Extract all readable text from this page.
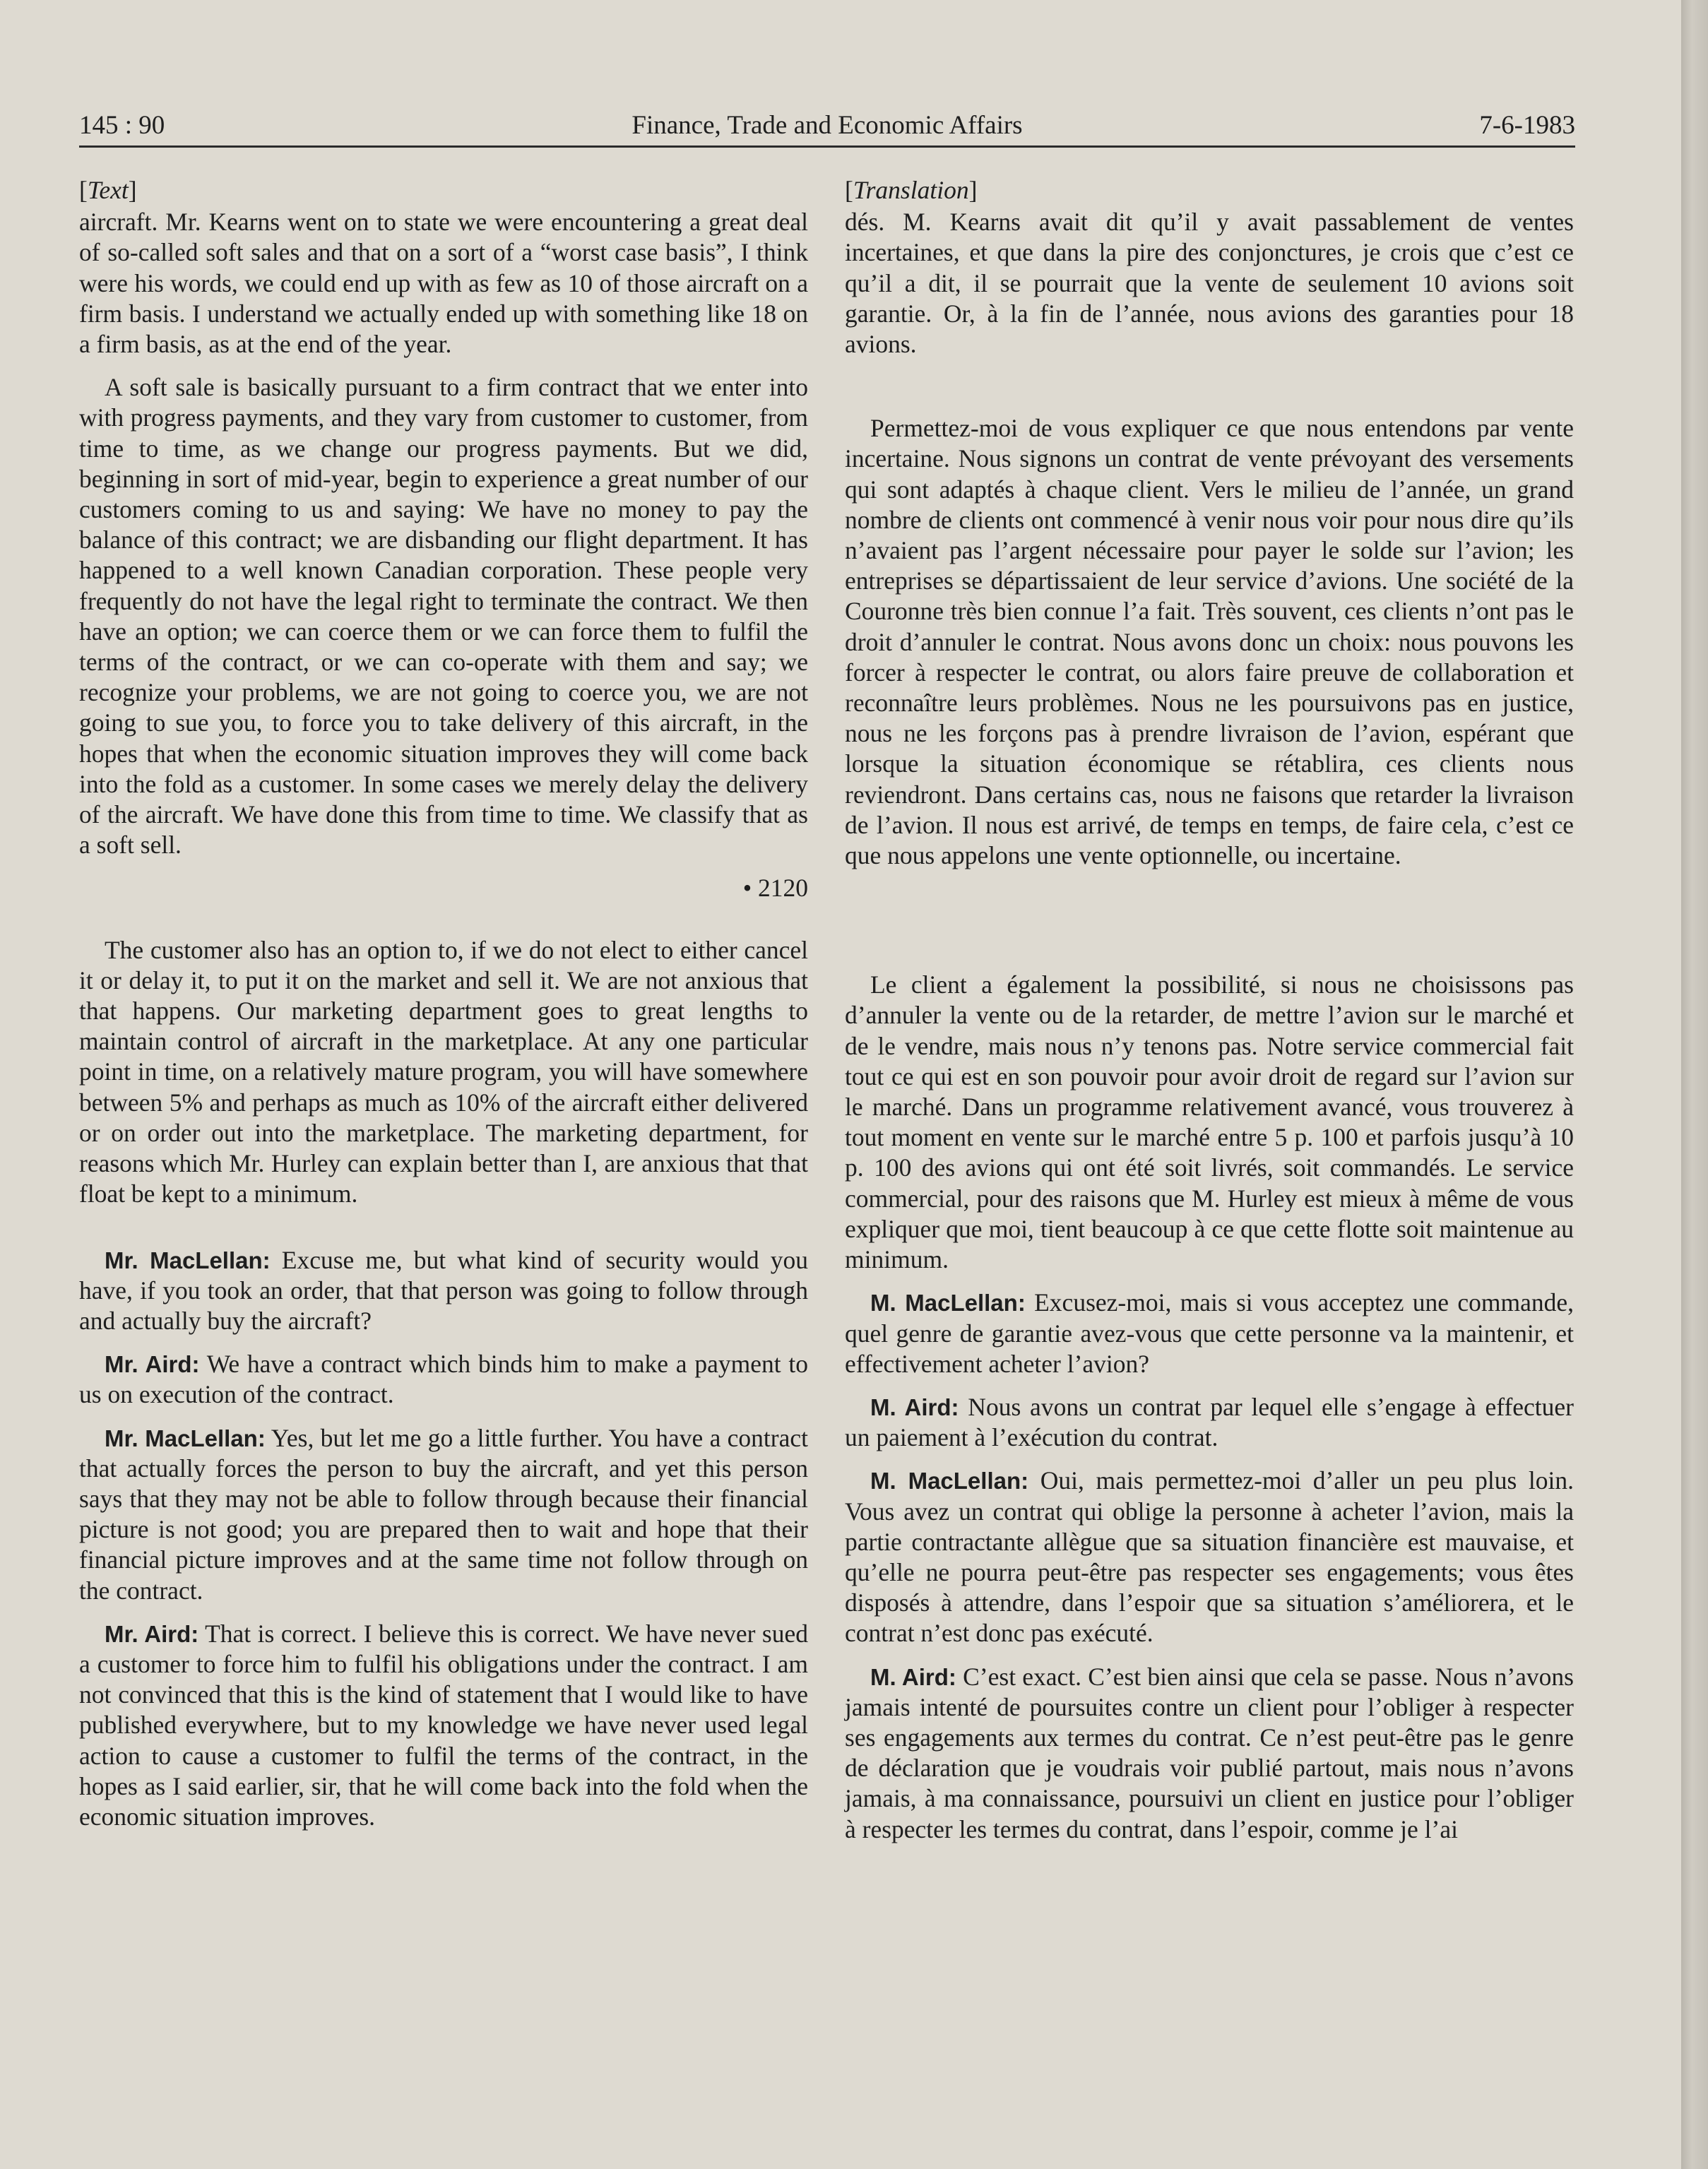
145 : 90	Finance, Trade and Economic Affairs	7-6-1983

[Text]

aircraft. Mr. Kearns went on to state we were encountering a great deal of so-called soft sales and that on a sort of a “worst case basis”, I think were his words, we could end up with as few as 10 of those aircraft on a firm basis. I understand we actually ended up with something like 18 on a firm basis, as at the end of the year.

A soft sale is basically pursuant to a firm contract that we enter into with progress payments, and they vary from customer to customer, from time to time, as we change our progress payments. But we did, beginning in sort of mid-year, begin to experience a great number of our customers coming to us and saying: We have no money to pay the balance of this contract; we are disbanding our flight department. It has happened to a well known Canadian corporation. These people very frequently do not have the legal right to terminate the contract. We then have an option; we can coerce them or we can force them to fulfil the terms of the contract, or we can co-operate with them and say; we recognize your problems, we are not going to coerce you, we are not going to sue you, to force you to take delivery of this aircraft, in the hopes that when the economic situation improves they will come back into the fold as a customer. In some cases we merely delay the delivery of the aircraft. We have done this from time to time. We classify that as a soft sell.

• 2120

The customer also has an option to, if we do not elect to either cancel it or delay it, to put it on the market and sell it. We are not anxious that that happens. Our marketing department goes to great lengths to maintain control of aircraft in the marketplace. At any one particular point in time, on a relatively mature program, you will have somewhere between 5% and perhaps as much as 10% of the aircraft either delivered or on order out into the marketplace. The marketing department, for reasons which Mr. Hurley can explain better than I, are anxious that that float be kept to a minimum.

Mr. MacLellan: Excuse me, but what kind of security would you have, if you took an order, that that person was going to follow through and actually buy the aircraft?

Mr. Aird: We have a contract which binds him to make a payment to us on execution of the contract.

Mr. MacLellan: Yes, but let me go a little further. You have a contract that actually forces the person to buy the aircraft, and yet this person says that they may not be able to follow through because their financial picture is not good; you are prepared then to wait and hope that their financial picture improves and at the same time not follow through on the contract.

Mr. Aird: That is correct. I believe this is correct. We have never sued a customer to force him to fulfil his obligations under the contract. I am not convinced that this is the kind of statement that I would like to have published everywhere, but to my knowledge we have never used legal action to cause a customer to fulfil the terms of the contract, in the hopes as I said earlier, sir, that he will come back into the fold when the economic situation improves.

[Translation]

dés. M. Kearns avait dit qu’il y avait passablement de ventes incertaines, et que dans la pire des conjonctures, je crois que c’est ce qu’il a dit, il se pourrait que la vente de seulement 10 avions soit garantie. Or, à la fin de l’année, nous avions des garanties pour 18 avions.

Permettez-moi de vous expliquer ce que nous entendons par vente incertaine. Nous signons un contrat de vente prévoyant des versements qui sont adaptés à chaque client. Vers le milieu de l’année, un grand nombre de clients ont commencé à venir nous voir pour nous dire qu’ils n’avaient pas l’argent nécessaire pour payer le solde sur l’avion; les entreprises se départissaient de leur service d’avions. Une société de la Couronne très bien connue l’a fait. Très souvent, ces clients n’ont pas le droit d’annuler le contrat. Nous avons donc un choix: nous pouvons les forcer à respecter le contrat, ou alors faire preuve de collaboration et reconnaître leurs problèmes. Nous ne les poursuivons pas en justice, nous ne les forçons pas à prendre livraison de l’avion, espérant que lorsque la situation économique se rétablira, ces clients nous reviendront. Dans certains cas, nous ne faisons que retarder la livraison de l’avion. Il nous est arrivé, de temps en temps, de faire cela, c’est ce que nous appelons une vente optionnelle, ou incertaine.

Le client a également la possibilité, si nous ne choisissons pas d’annuler la vente ou de la retarder, de mettre l’avion sur le marché et de le vendre, mais nous n’y tenons pas. Notre service commercial fait tout ce qui est en son pouvoir pour avoir droit de regard sur l’avion sur le marché. Dans un programme relativement avancé, vous trouverez à tout moment en vente sur le marché entre 5 p. 100 et parfois jusqu’à 10 p. 100 des avions qui ont été soit livrés, soit commandés. Le service commercial, pour des raisons que M. Hurley est mieux à même de vous expliquer que moi, tient beaucoup à ce que cette flotte soit maintenue au minimum.

M. MacLellan: Excusez-moi, mais si vous acceptez une commande, quel genre de garantie avez-vous que cette personne va la maintenir, et effectivement acheter l’avion?

M. Aird: Nous avons un contrat par lequel elle s’engage à effectuer un paiement à l’exécution du contrat.

M. MacLellan: Oui, mais permettez-moi d’aller un peu plus loin. Vous avez un contrat qui oblige la personne à acheter l’avion, mais la partie contractante allègue que sa situation financière est mauvaise, et qu’elle ne pourra peut-être pas respecter ses engagements; vous êtes disposés à attendre, dans l’espoir que sa situation s’améliorera, et le contrat n’est donc pas exécuté.

M. Aird: C’est exact. C’est bien ainsi que cela se passe. Nous n’avons jamais intenté de poursuites contre un client pour l’obliger à respecter ses engagements aux termes du contrat. Ce n’est peut-être pas le genre de déclaration que je voudrais voir publié partout, mais nous n’avons jamais, à ma connaissance, poursuivi un client en justice pour l’obliger à respecter les termes du contrat, dans l’espoir, comme je l’ai
